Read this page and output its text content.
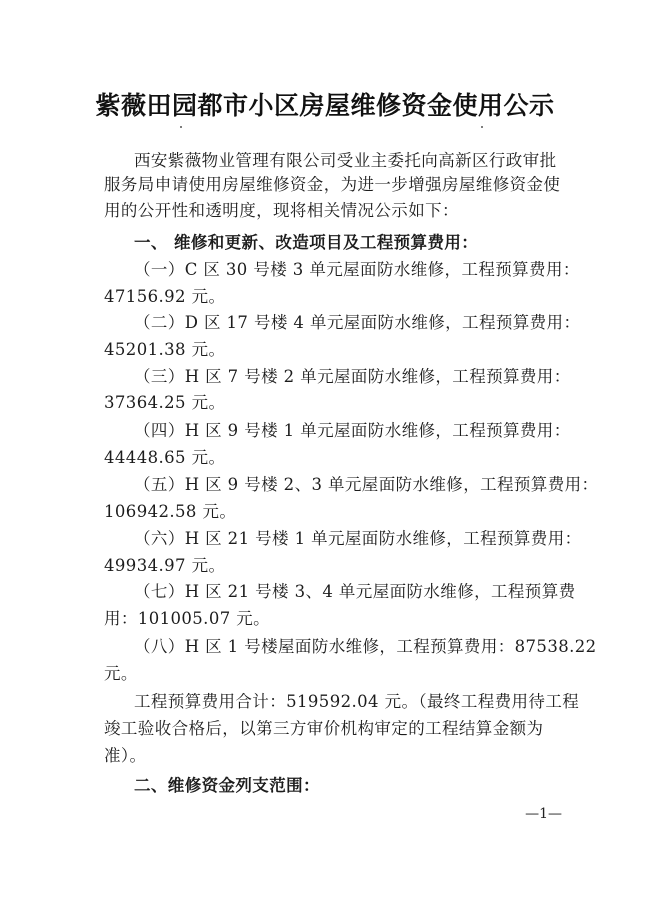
紫薇田园都市小区房屋维修资金使用公示
西安紫薇物业管理有限公司受业主委托向高新区行政审批
服务局申请使用房屋维修资金，为进一步增强房屋维修资金使
用的公开性和透明度，现将相关情况公示如下：
一、 维修和更新、改造项目及工程预算费用：
（一）C 区 30 号楼 3 单元屋面防水维修，工程预算费用：
47156.92 元。
（二）D 区 17 号楼 4 单元屋面防水维修，工程预算费用：
45201.38 元。
（三）H 区 7 号楼 2 单元屋面防水维修，工程预算费用：
37364.25 元。
（四）H 区 9 号楼 1 单元屋面防水维修，工程预算费用：
44448.65 元。
（五）H 区 9 号楼 2、3 单元屋面防水维修，工程预算费用：
106942.58 元。
（六）H 区 21 号楼 1 单元屋面防水维修，工程预算费用：
49934.97 元。
（七）H 区 21 号楼 3、4 单元屋面防水维修，工程预算费
用：101005.07 元。
（八）H 区 1 号楼屋面防水维修，工程预算费用：87538.22
元。
工程预算费用合计：519592.04 元。（最终工程费用待工程
竣工验收合格后，以第三方审价机构审定的工程结算金额为
准）。
二、维修资金列支范围：
—1—
